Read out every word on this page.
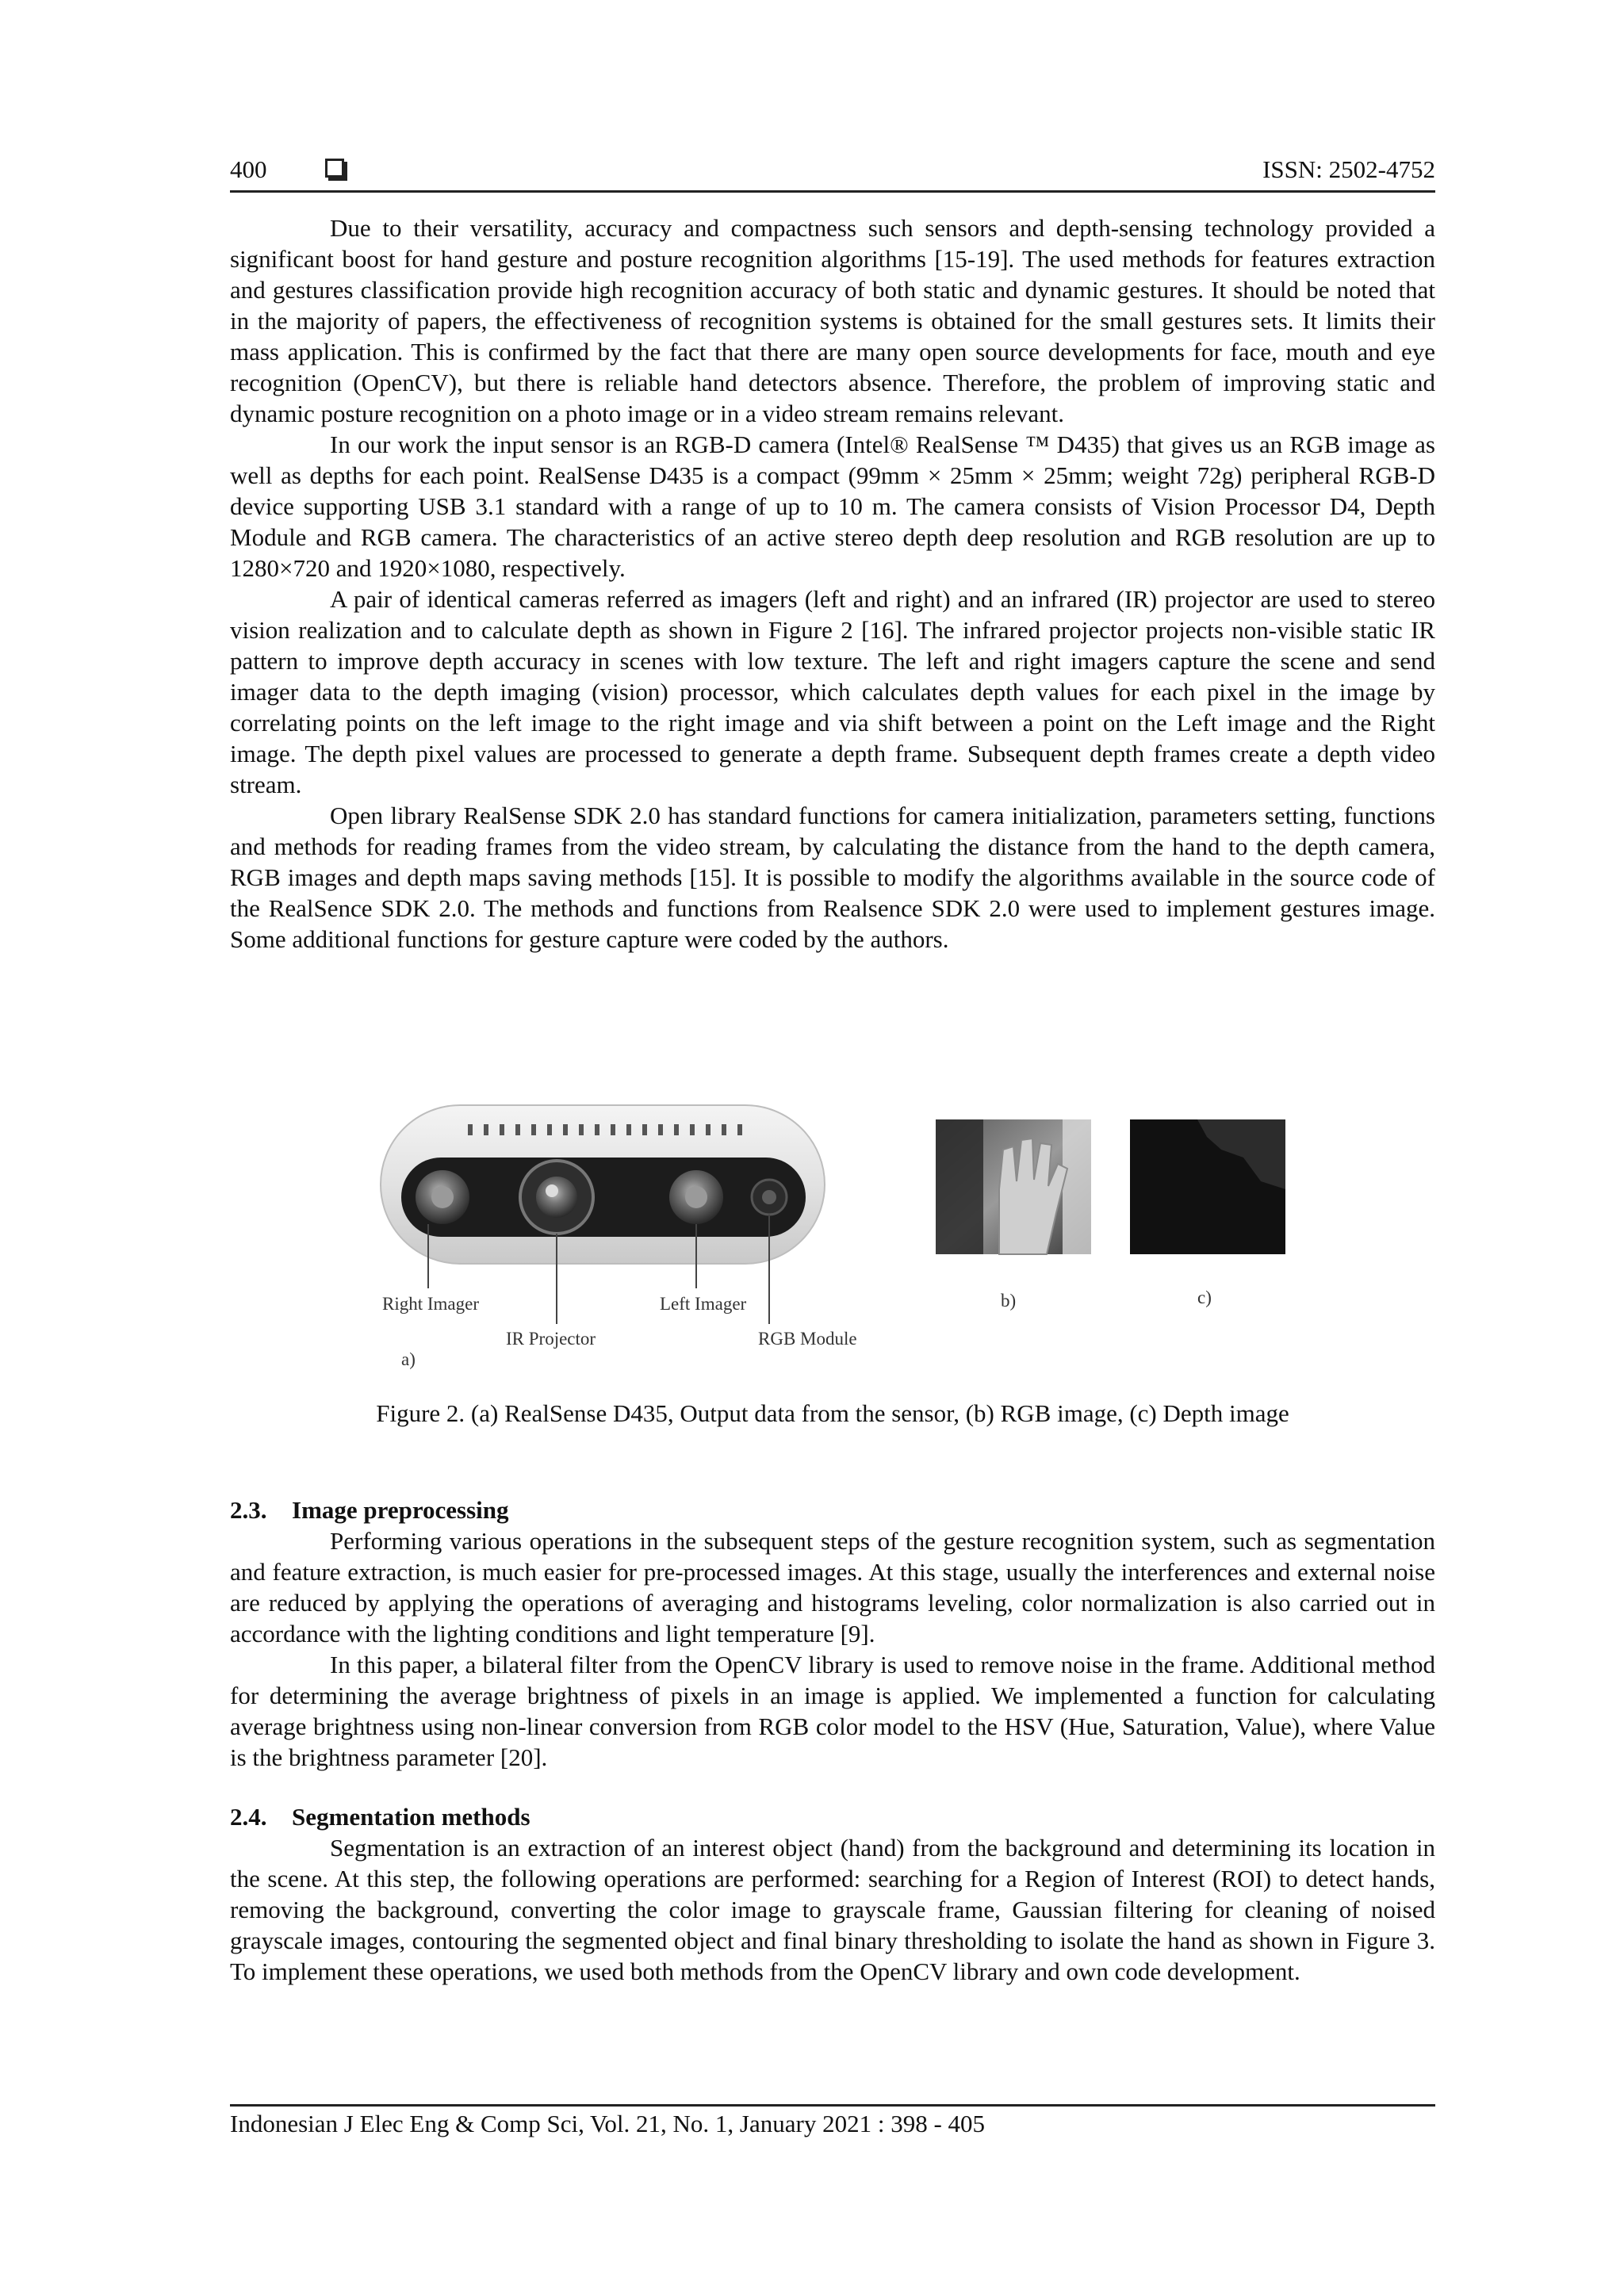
400	ISSN: 2502-4752

Due to their versatility, accuracy and compactness such sensors and depth-sensing technology provided a significant boost for hand gesture and posture recognition algorithms [15-19]. The used methods for features extraction and gestures classification provide high recognition accuracy of both static and dynamic gestures. It should be noted that in the majority of papers, the effectiveness of recognition systems is obtained for the small gestures sets. It limits their mass application. This is confirmed by the fact that there are many open source developments for face, mouth and eye recognition (OpenCV), but there is reliable hand detectors absence. Therefore, the problem of improving static and dynamic posture recognition on a photo image or in a video stream remains relevant.

In our work the input sensor is an RGB-D camera (Intel® RealSense ™ D435) that gives us an RGB image as well as depths for each point. RealSense D435 is a compact (99mm × 25mm × 25mm; weight 72g) peripheral RGB-D device supporting USB 3.1 standard with a range of up to 10 m. The camera consists of Vision Processor D4, Depth Module and RGB camera. The characteristics of an active stereo depth deep resolution and RGB resolution are up to 1280×720 and 1920×1080, respectively.

A pair of identical cameras referred as imagers (left and right) and an infrared (IR) projector are used to stereo vision realization and to calculate depth as shown in Figure 2 [16]. The infrared projector projects non-visible static IR pattern to improve depth accuracy in scenes with low texture. The left and right imagers capture the scene and send imager data to the depth imaging (vision) processor, which calculates depth values for each pixel in the image by correlating points on the left image to the right image and via shift between a point on the Left image and the Right image. The depth pixel values are processed to generate a depth frame. Subsequent depth frames create a depth video stream.

Open library RealSense SDK 2.0 has standard functions for camera initialization, parameters setting, functions and methods for reading frames from the video stream, by calculating the distance from the hand to the depth camera, RGB images and depth maps saving methods [15]. It is possible to modify the algorithms available in the source code of the RealSence SDK 2.0. The methods and functions from Realsence SDK 2.0 were used to implement gestures image. Some additional functions for gesture capture were coded by the authors.

Right Imager
IR Projector
Left Imager
RGB Module
a)
b)	c)
Figure 2. (a) RealSense D435, Output data from the sensor, (b) RGB image, (c) Depth image
2.3. Image preprocessing

Performing various operations in the subsequent steps of the gesture recognition system, such as segmentation and feature extraction, is much easier for pre-processed images. At this stage, usually the interferences and external noise are reduced by applying the operations of averaging and histograms leveling, color normalization is also carried out in accordance with the lighting conditions and light temperature [9].

In this paper, a bilateral filter from the OpenCV library is used to remove noise in the frame. Additional method for determining the average brightness of pixels in an image is applied. We implemented a function for calculating average brightness using non-linear conversion from RGB color model to the HSV (Hue, Saturation, Value), where Value is the brightness parameter [20].

2.4. Segmentation methods

Segmentation is an extraction of an interest object (hand) from the background and determining its location in the scene. At this step, the following operations are performed: searching for a Region of Interest (ROI) to detect hands, removing the background, converting the color image to grayscale frame, Gaussian filtering for cleaning of noised grayscale images, contouring the segmented object and final binary thresholding to isolate the hand as shown in Figure 3. To implement these operations, we used both methods from the OpenCV library and own code development.

Indonesian J Elec Eng & Comp Sci, Vol. 21, No. 1, January 2021 : 398 - 405
